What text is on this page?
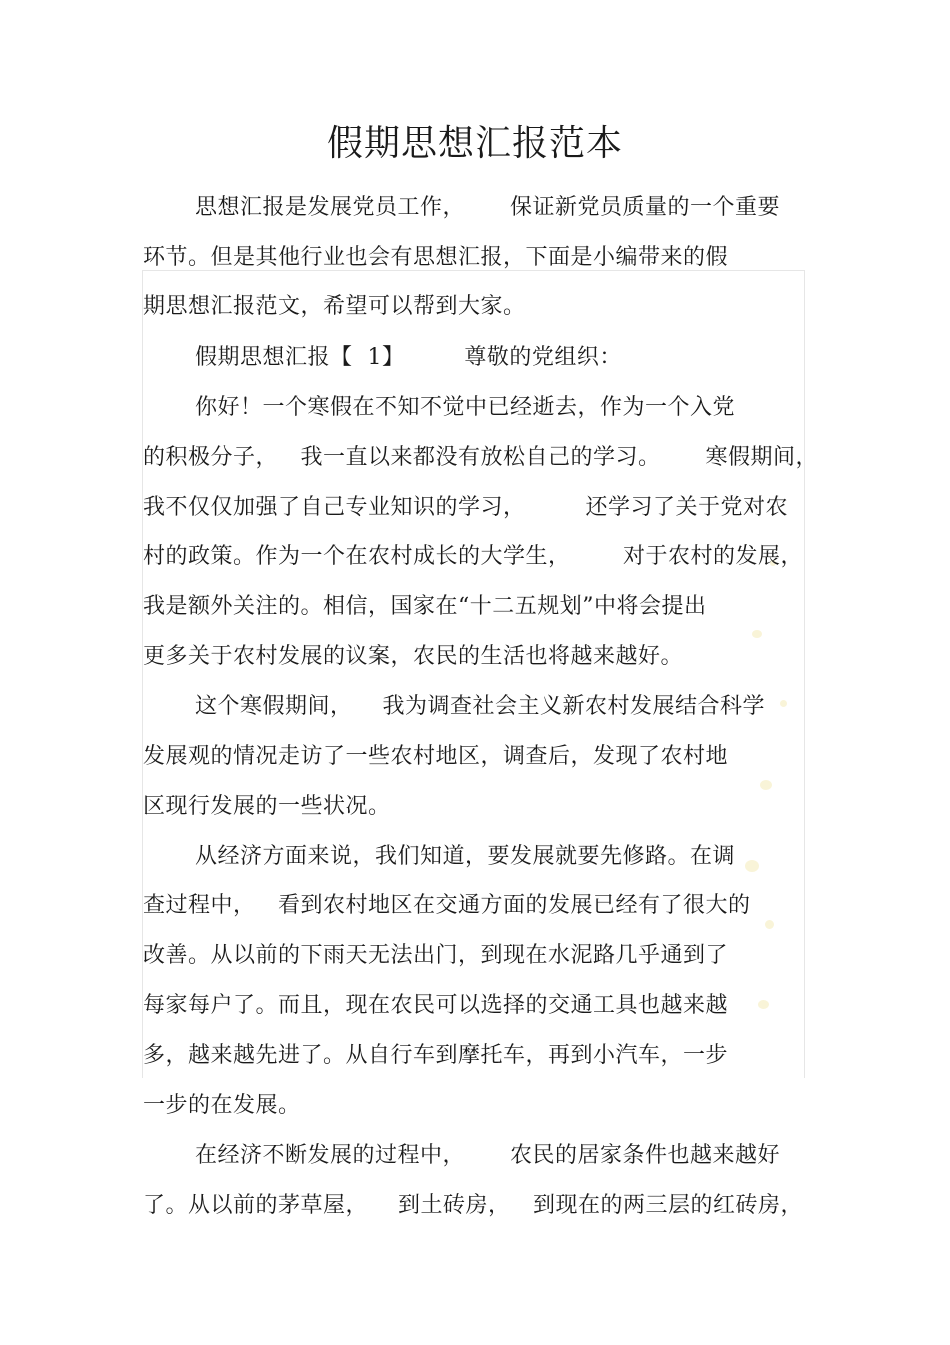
假期思想汇报范本
思想汇报是发展党员工作，      保证新党员质量的一个重要
环节。但是其他行业也会有思想汇报，下面是小编带来的假
期思想汇报范文，希望可以帮到大家。
假期思想汇报【  1】        尊敬的党组织：
你好！一个寒假在不知不觉中已经逝去，作为一个入党
的积极分子，   我一直以来都没有放松自己的学习。      寒假期间，
我不仅仅加强了自己专业知识的学习，        还学习了关于党对农
村的政策。作为一个在农村成长的大学生，       对于农村的发展，
我是额外关注的。相信，国家在“十二五规划”中将会提出
更多关于农村发展的议案，农民的生活也将越来越好。
这个寒假期间，    我为调查社会主义新农村发展结合科学
发展观的情况走访了一些农村地区，调查后，发现了农村地
区现行发展的一些状况。
从经济方面来说，我们知道，要发展就要先修路。在调
查过程中，   看到农村地区在交通方面的发展已经有了很大的
改善。从以前的下雨天无法出门，到现在水泥路几乎通到了
每家每户了。而且，现在农民可以选择的交通工具也越来越
多，越来越先进了。从自行车到摩托车，再到小汽车，一步
一步的在发展。
在经济不断发展的过程中，      农民的居家条件也越来越好
了。从以前的茅草屋，    到土砖房，   到现在的两三层的红砖房，
